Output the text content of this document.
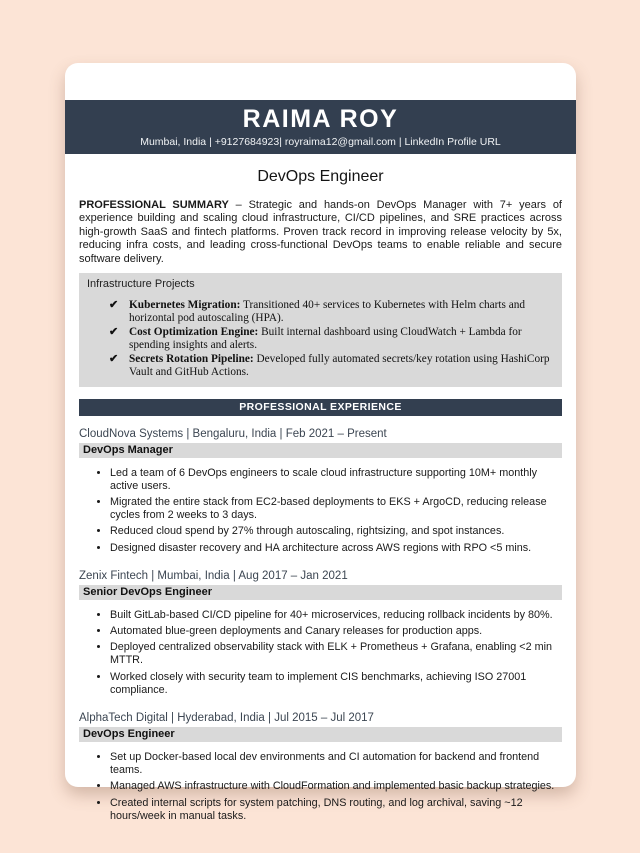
RAIMA ROY
Mumbai, India | +9127684923| royraima12@gmail.com | LinkedIn Profile URL
DevOps Engineer

PROFESSIONAL SUMMARY – Strategic and hands-on DevOps Manager with 7+ years of experience building and scaling cloud infrastructure, CI/CD pipelines, and SRE practices across high-growth SaaS and fintech platforms. Proven track record in improving release velocity by 5x, reducing infra costs, and leading cross-functional DevOps teams to enable reliable and secure software delivery.

Infrastructure Projects
✔ Kubernetes Migration: Transitioned 40+ services to Kubernetes with Helm charts and horizontal pod autoscaling (HPA).
✔ Cost Optimization Engine: Built internal dashboard using CloudWatch + Lambda for spending insights and alerts.
✔ Secrets Rotation Pipeline: Developed fully automated secrets/key rotation using HashiCorp Vault and GitHub Actions.
PROFESSIONAL EXPERIENCE
CloudNova Systems | Bengaluru, India | Feb 2021 – Present
DevOps Manager
• Led a team of 6 DevOps engineers to scale cloud infrastructure supporting 10M+ monthly active users.
• Migrated the entire stack from EC2-based deployments to EKS + ArgoCD, reducing release cycles from 2 weeks to 3 days.
• Reduced cloud spend by 27% through autoscaling, rightsizing, and spot instances.
• Designed disaster recovery and HA architecture across AWS regions with RPO <5 mins.
Zenix Fintech | Mumbai, India | Aug 2017 – Jan 2021
Senior DevOps Engineer
• Built GitLab-based CI/CD pipeline for 40+ microservices, reducing rollback incidents by 80%.
• Automated blue-green deployments and Canary releases for production apps.
• Deployed centralized observability stack with ELK + Prometheus + Grafana, enabling <2 min MTTR.
• Worked closely with security team to implement CIS benchmarks, achieving ISO 27001 compliance.
AlphaTech Digital | Hyderabad, India | Jul 2015 – Jul 2017
DevOps Engineer
• Set up Docker-based local dev environments and CI automation for backend and frontend teams.
• Managed AWS infrastructure with CloudFormation and implemented basic backup strategies.
• Created internal scripts for system patching, DNS routing, and log archival, saving ~12 hours/week in manual tasks.
